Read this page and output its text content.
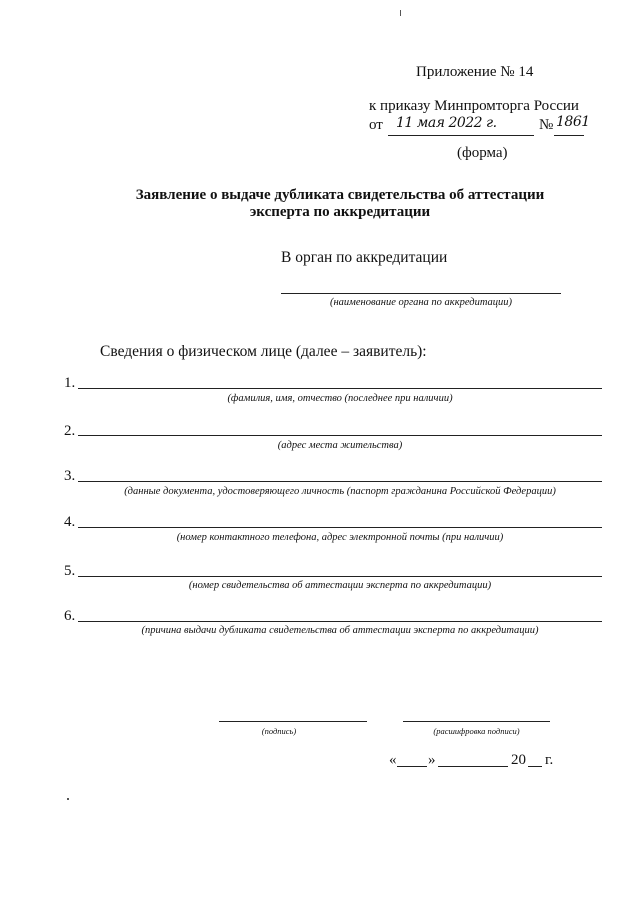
Приложение № 14
к приказу Минпромторга России
от 11 мая 2022 г.	№ 1861
(форма)
Заявление о выдаче дубликата свидетельства об аттестации
эксперта по аккредитации
В орган по аккредитации
(наименование органа по аккредитации)
Сведения о физическом лице (далее – заявитель):
1.
(фамилия, имя, отчество (последнее при наличии)
2.
(адрес места жительства)
3.
(данные документа, удостоверяющего личность (паспорт гражданина Российской Федерации)
4.
(номер контактного телефона, адрес электронной почты (при наличии)
5.
(номер свидетельства об аттестации эксперта по аккредитации)
6.
(причина выдачи дубликата свидетельства об аттестации эксперта по аккредитации)
(подпись)	(расшифровка подписи)
« »	20 г.
